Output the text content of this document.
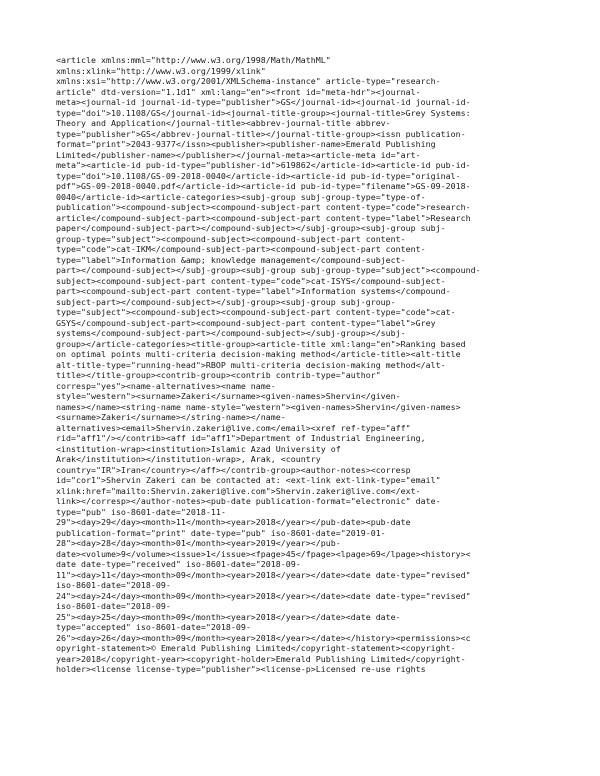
<article xmlns:mml="http://www.w3.org/1998/Math/MathML"
xmlns:xlink="http://www.w3.org/1999/xlink"
xmlns:xsi="http://www.w3.org/2001/XMLSchema-instance" article-type="research-
article" dtd-version="1.1d1" xml:lang="en"><front id="meta-hdr"><journal-
meta><journal-id journal-id-type="publisher">GS</journal-id><journal-id journal-id-
type="doi">10.1108/GS</journal-id><journal-title-group><journal-title>Grey Systems:
Theory and Application</journal-title><abbrev-journal-title abbrev-
type="publisher">GS</abbrev-journal-title></journal-title-group><issn publication-
format="print">2043-9377</issn><publisher><publisher-name>Emerald Publishing
Limited</publisher-name></publisher></journal-meta><article-meta id="art-
meta"><article-id pub-id-type="publisher-id">619862</article-id><article-id pub-id-
type="doi">10.1108/GS-09-2018-0040</article-id><article-id pub-id-type="original-
pdf">GS-09-2018-0040.pdf</article-id><article-id pub-id-type="filename">GS-09-2018-
0040</article-id><article-categories><subj-group subj-group-type="type-of-
publication"><compound-subject><compound-subject-part content-type="code">research-
article</compound-subject-part><compound-subject-part content-type="label">Research
paper</compound-subject-part></compound-subject></subj-group><subj-group subj-
group-type="subject"><compound-subject><compound-subject-part content-
type="code">cat-IKM</compound-subject-part><compound-subject-part content-
type="label">Information &amp; knowledge management</compound-subject-
part></compound-subject></subj-group><subj-group subj-group-type="subject"><compound-
subject><compound-subject-part content-type="code">cat-ISYS</compound-subject-
part><compound-subject-part content-type="label">Information systems</compound-
subject-part></compound-subject></subj-group><subj-group subj-group-
type="subject"><compound-subject><compound-subject-part content-type="code">cat-
GSYS</compound-subject-part><compound-subject-part content-type="label">Grey
systems</compound-subject-part></compound-subject></subj-group></subj-
group></article-categories><title-group><article-title xml:lang="en">Ranking based
on optimal points multi-criteria decision-making method</article-title><alt-title
alt-title-type="running-head">RBOP multi-criteria decision-making method</alt-
title></title-group><contrib-group><contrib contrib-type="author"
corresp="yes"><name-alternatives><name name-
style="western"><surname>Zakeri</surname><given-names>Shervin</given-
names></name><string-name name-style="western"><given-names>Shervin</given-names>
<surname>Zakeri</surname></string-name></name-
alternatives><email>Shervin.zakeri@live.com</email><xref ref-type="aff"
rid="aff1"/></contrib><aff id="aff1">Department of Industrial Engineering,
<institution-wrap><institution>Islamic Azad University of
Arak</institution></institution-wrap>, Arak, <country
country="IR">Iran</country></aff></contrib-group><author-notes><corresp
id="cor1">Shervin Zakeri can be contacted at: <ext-link ext-link-type="email"
xlink:href="mailto:Shervin.zakeri@live.com">Shervin.zakeri@live.com</ext-
link></corresp></author-notes><pub-date publication-format="electronic" date-
type="pub" iso-8601-date="2018-11-
29"><day>29</day><month>11</month><year>2018</year></pub-date><pub-date
publication-format="print" date-type="pub" iso-8601-date="2019-01-
28"><day>28</day><month>01</month><year>2019</year></pub-
date><volume>9</volume><issue>1</issue><fpage>45</fpage><lpage>69</lpage><history><
date date-type="received" iso-8601-date="2018-09-
11"><day>11</day><month>09</month><year>2018</year></date><date date-type="revised"
iso-8601-date="2018-09-
24"><day>24</day><month>09</month><year>2018</year></date><date date-type="revised"
iso-8601-date="2018-09-
25"><day>25</day><month>09</month><year>2018</year></date><date date-
type="accepted" iso-8601-date="2018-09-
26"><day>26</day><month>09</month><year>2018</year></date></history><permissions><c
opyright-statement>© Emerald Publishing Limited</copyright-statement><copyright-
year>2018</copyright-year><copyright-holder>Emerald Publishing Limited</copyright-
holder><license license-type="publisher"><license-p>Licensed re-use rights
